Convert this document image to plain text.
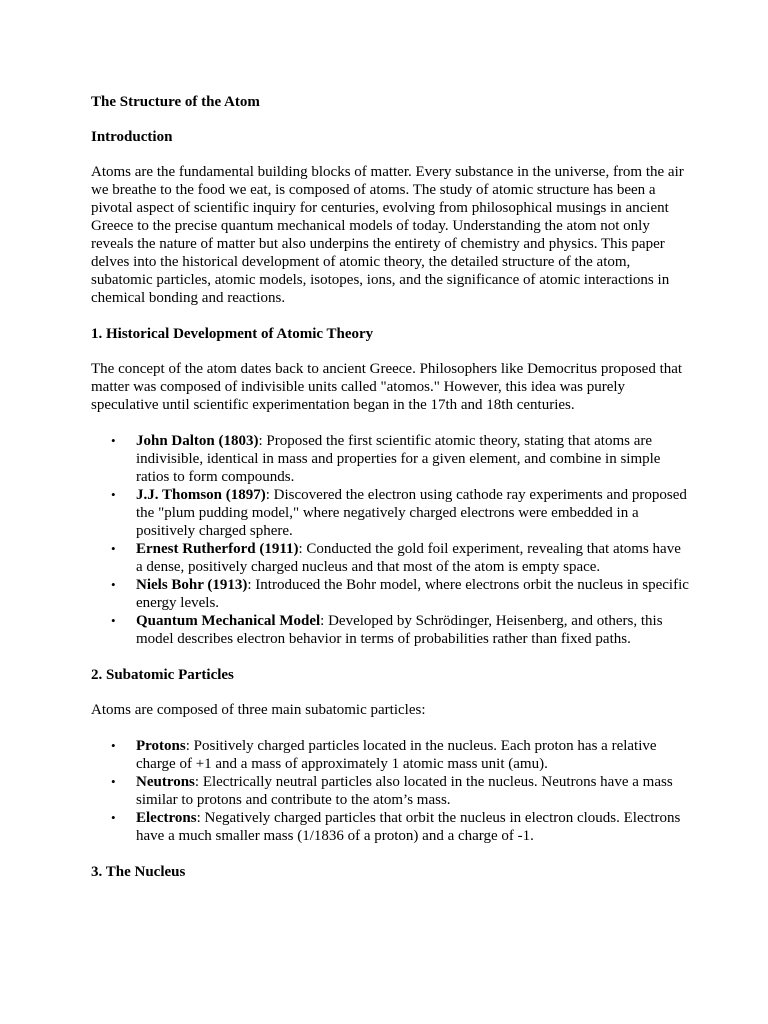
The Structure of the Atom

Introduction

Atoms are the fundamental building blocks of matter. Every substance in the universe, from the air we breathe to the food we eat, is composed of atoms. The study of atomic structure has been a pivotal aspect of scientific inquiry for centuries, evolving from philosophical musings in ancient Greece to the precise quantum mechanical models of today. Understanding the atom not only reveals the nature of matter but also underpins the entirety of chemistry and physics. This paper delves into the historical development of atomic theory, the detailed structure of the atom, subatomic particles, atomic models, isotopes, ions, and the significance of atomic interactions in chemical bonding and reactions.

1. Historical Development of Atomic Theory

The concept of the atom dates back to ancient Greece. Philosophers like Democritus proposed that matter was composed of indivisible units called "atomos." However, this idea was purely speculative until scientific experimentation began in the 17th and 18th centuries.

• John Dalton (1803): Proposed the first scientific atomic theory, stating that atoms are indivisible, identical in mass and properties for a given element, and combine in simple ratios to form compounds.
• J.J. Thomson (1897): Discovered the electron using cathode ray experiments and proposed the "plum pudding model," where negatively charged electrons were embedded in a positively charged sphere.
• Ernest Rutherford (1911): Conducted the gold foil experiment, revealing that atoms have a dense, positively charged nucleus and that most of the atom is empty space.
• Niels Bohr (1913): Introduced the Bohr model, where electrons orbit the nucleus in specific energy levels.
• Quantum Mechanical Model: Developed by Schrödinger, Heisenberg, and others, this model describes electron behavior in terms of probabilities rather than fixed paths.

2. Subatomic Particles

Atoms are composed of three main subatomic particles:

• Protons: Positively charged particles located in the nucleus. Each proton has a relative charge of +1 and a mass of approximately 1 atomic mass unit (amu).
• Neutrons: Electrically neutral particles also located in the nucleus. Neutrons have a mass similar to protons and contribute to the atom’s mass.
• Electrons: Negatively charged particles that orbit the nucleus in electron clouds. Electrons have a much smaller mass (1/1836 of a proton) and a charge of -1.

3. The Nucleus
